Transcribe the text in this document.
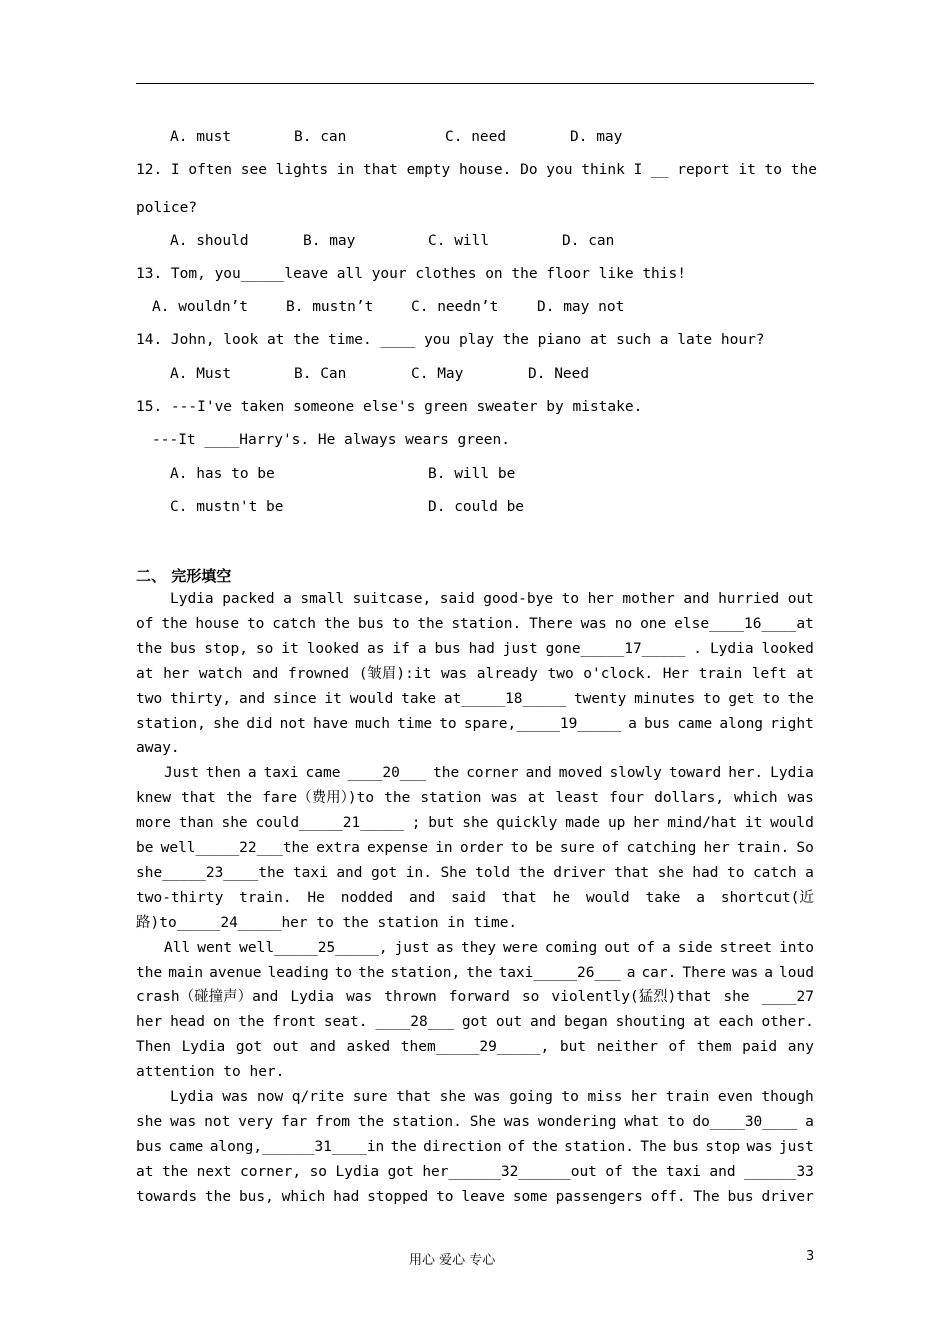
A. must	B. can	C. need	D. may
12. I often see lights in that empty house. Do you think I __ report it to the
police?
A. should	B. may	C. will	D. can
13. Tom, you_____leave all your clothes on the floor like this!
A. wouldn’t	B. mustn’t	C. needn’t	D. may not
14. John, look at the time. ____ you play the piano at such a late hour?
A. Must	B. Can	C. May	D. Need
15. ---I've taken someone else's green sweater by mistake.
---It ____Harry's. He always wears green.
A. has to be	B. will be
C. mustn't be	D. could be
二、 完形填空
Lydia packed a small suitcase, said good-bye to her mother and hurried out
of the house to catch the bus to the station. There was no one else____16____at
the bus stop, so it looked as if a bus had just gone_____17_____ . Lydia looked
at her watch and frowned (皱眉):it was already two o'clock. Her train left at
two thirty, and since it would take at_____18_____ twenty minutes to get to the
station, she did not have much time to spare,_____19_____ a bus came along right
away.
Just then a taxi came ____20___ the corner and moved slowly toward her. Lydia
knew that the fare（费用）)to the station was at least four dollars, which was
more than she could_____21_____ ; but she quickly made up her mind/hat it would
be well_____22___the extra expense in order to be sure of catching her train. So
she_____23____the taxi and got in. She told the driver that she had to catch a
two-thirty train. He nodded and said that he would take a shortcut(近
路)to_____24_____her to the station in time.
All went well_____25_____, just as they were coming out of a side street into
the main avenue leading to the station, the taxi_____26___ a car. There was a loud
crash（碰撞声）and Lydia was thrown forward so violently(猛烈)that she ____27
her head on the front seat. ____28___ got out and began shouting at each other.
Then Lydia got out and asked them_____29_____, but neither of them paid any
attention to her.
Lydia was now q/rite sure that she was going to miss her train even though
she was not very far from the station. She was wondering what to do____30____ a
bus came along,______31____in the direction of the station. The bus stop was just
at the next corner, so Lydia got her______32______out of the taxi and ______33
towards the bus, which had stopped to leave some passengers off. The bus driver
用心 爱心 专心	3
